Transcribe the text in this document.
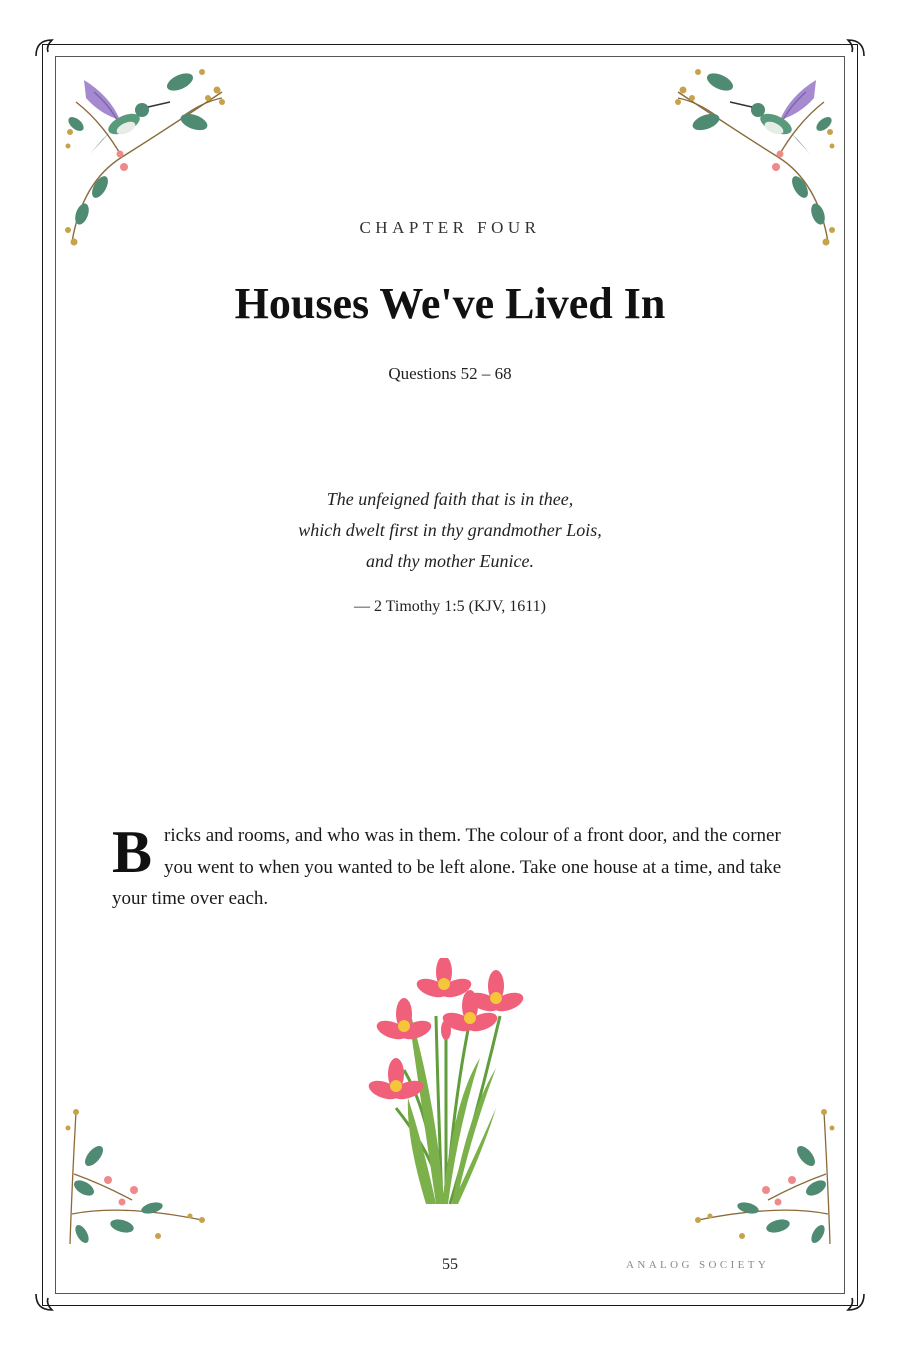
CHAPTER FOUR
Houses We've Lived In
Questions 52 – 68
The unfeigned faith that is in thee,
which dwelt first in thy grandmother Lois,
and thy mother Eunice.
— 2 Timothy 1:5 (KJV, 1611)

Bricks and rooms, and who was in them. The colour of a front door, and the corner you went to when you wanted to be left alone. Take one house at a time, and take your time over each.

55	ANALOG SOCIETY
